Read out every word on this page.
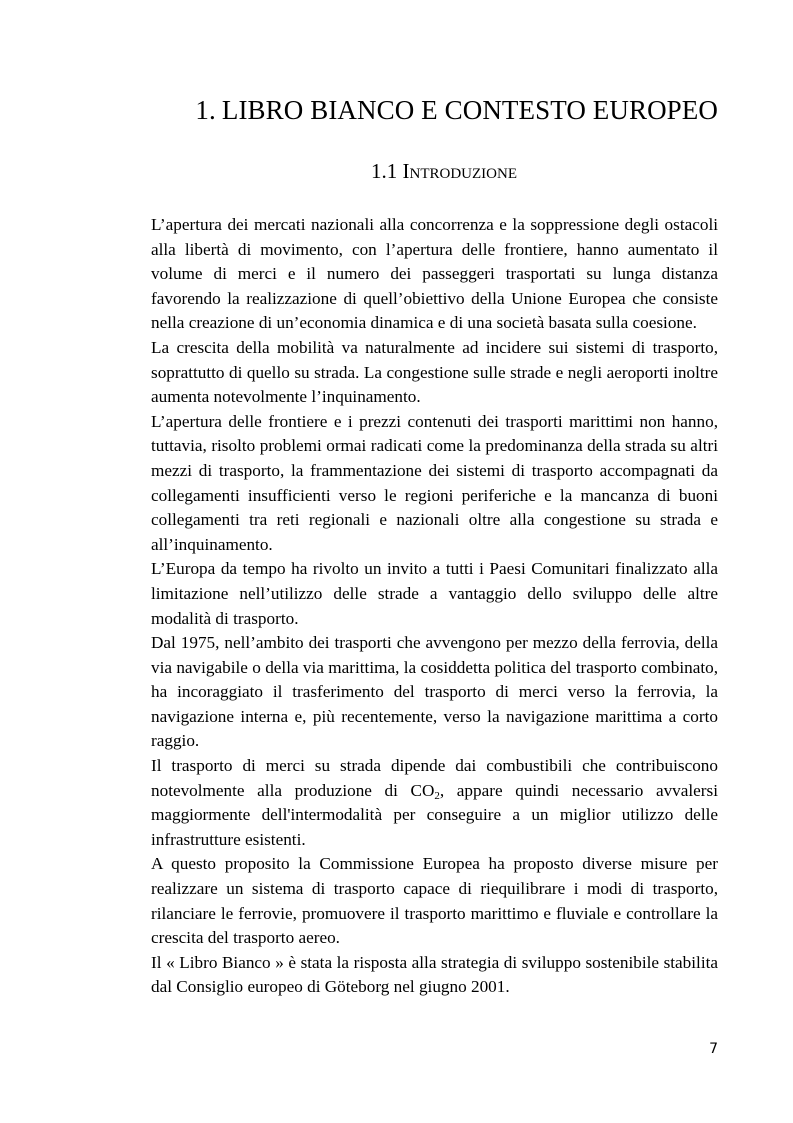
1. LIBRO BIANCO E CONTESTO EUROPEO
1.1 Introduzione

L’apertura dei mercati nazionali alla concorrenza e la soppressione degli ostacoli alla libertà di movimento, con l’apertura delle frontiere, hanno aumentato il volume di merci e il numero dei passeggeri trasportati su lunga distanza favorendo la realizzazione di quell’obiettivo della Unione Europea che consiste nella creazione di un’economia dinamica e di una società basata sulla coesione.

La crescita della mobilità va naturalmente ad incidere sui sistemi di trasporto, soprattutto di quello su strada. La congestione sulle strade e negli aeroporti inoltre aumenta notevolmente l’inquinamento.

L’apertura delle frontiere e i prezzi contenuti dei trasporti marittimi non hanno, tuttavia, risolto problemi ormai radicati come la predominanza della strada su altri mezzi di trasporto, la frammentazione dei sistemi di trasporto accompagnati da collegamenti insufficienti verso le regioni periferiche e la mancanza di buoni collegamenti tra reti regionali e nazionali oltre alla congestione su strada e all’inquinamento.

L’Europa da tempo ha rivolto un invito a tutti i Paesi Comunitari finalizzato alla limitazione nell’utilizzo delle strade a vantaggio dello sviluppo delle altre modalità di trasporto.

Dal 1975, nell’ambito dei trasporti che avvengono per mezzo della ferrovia, della via navigabile o della via marittima, la cosiddetta politica del trasporto combinato, ha incoraggiato il trasferimento del trasporto di merci verso la ferrovia, la navigazione interna e, più recentemente, verso la navigazione marittima a corto raggio.

Il trasporto di merci su strada dipende dai combustibili che contribuiscono notevolmente alla produzione di $CO_2$, appare quindi necessario avvalersi maggiormente dell'intermodalità per conseguire a un miglior utilizzo delle infrastrutture esistenti.

A questo proposito la Commissione Europea ha proposto diverse misure per realizzare un sistema di trasporto capace di riequilibrare i modi di trasporto, rilanciare le ferrovie, promuovere il trasporto marittimo e fluviale e controllare la crescita del trasporto aereo.

Il « Libro Bianco » è stata la risposta alla strategia di sviluppo sostenibile stabilita dal Consiglio europeo di Göteborg nel giugno 2001.

7
